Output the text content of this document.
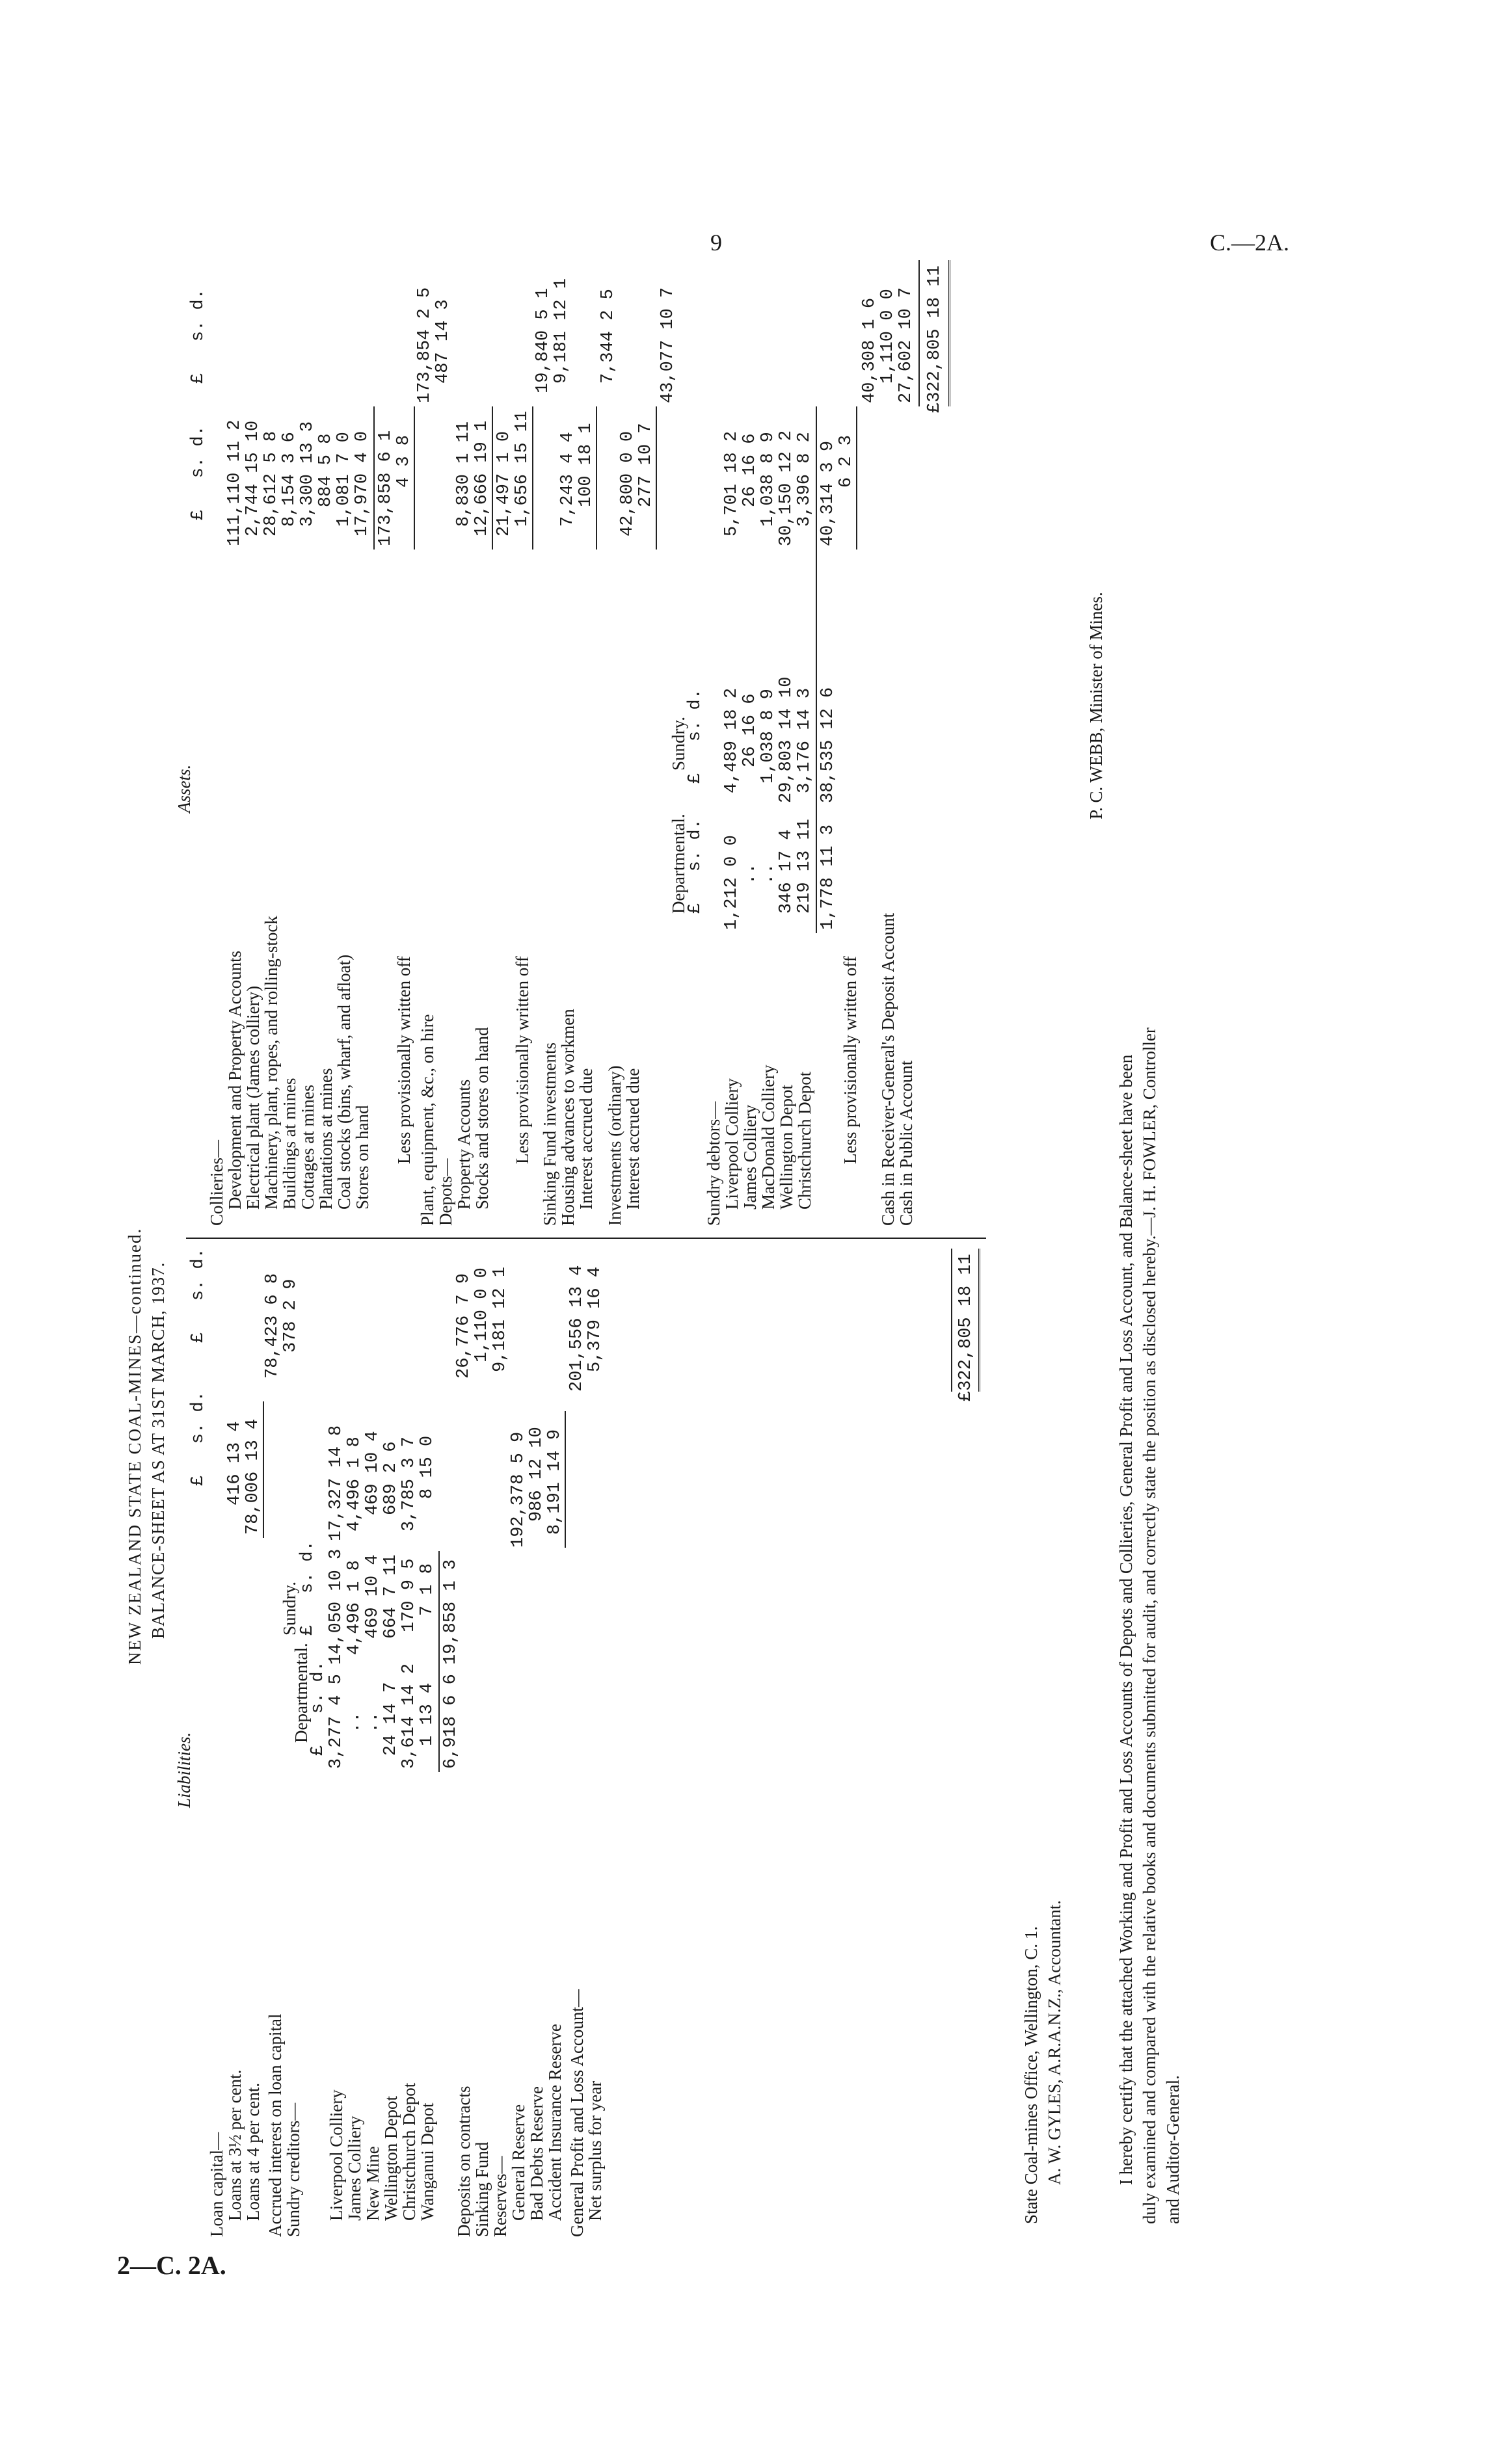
9	C.—2A.
2—C. 2A.
NEW ZEALAND STATE COAL-MINES—continued. BALANCE-SHEET AS AT 31ST MARCH, 1937.
Liabilities.
Assets.
£   s. d.
£   s. d.
Loan capital—
Loans at 3½ per cent.
416 13 4
Loans at 4 per cent.
78,006 13 4
78,423 6 8
Accrued interest on loan capital
378 2 9
Sundry creditors—
Departmental.
Sundry.
£   s. d.
£   s. d.
Liverpool Colliery
3,277 4 5
14,050 10 3
17,327 14 8
James Colliery
..
4,496 1 8
4,496 1 8
New Mine
..
469 10 4
469 10 4
Wellington Depot
24 14 7
664 7 11
689 2 6
Christchurch Depot
3,614 14 2
170 9 5
3,785 3 7
Wanganui Depot
1 13 4
7 1 8
8 15 0
6,918 6 6
19,858 1 3
26,776 7 9
Deposits on contracts
1,110 0 0
Sinking Fund
9,181 12 1
Reserves—
General Reserve
192,378 5 9
Bad Debts Reserve
986 12 10
Accident Insurance Reserve
8,191 14 9
201,556 13 4
General Profit and Loss Account—
Net surplus for year
5,379 16 4	£322,805 18 11
£   s. d.
£   s. d.
Collieries—
Development and Property Accounts
111,110 11 2
Electrical plant (James colliery)
2,744 15 10
Machinery, plant, ropes, and rolling-stock
28,612 5 8
Buildings at mines
8,154 3 6
Cottages at mines
3,300 13 3
Plantations at mines
884 5 8
Coal stocks (bins, wharf, and afloat)
1,081 7 0
Stores on hand
17,970 4 0 173,858 6 1
Less provisionally written off
4 3 8
173,854 2 5
Plant, equipment, &c., on hire
487 14 3
Depots—
Property Accounts
8,830 1 11
Stocks and stores on hand
12,666 19 1 21,497 1 0
Less provisionally written off
1,656 15 11
19,840 5 1
Sinking Fund investments
9,181 12 1
Housing advances to workmen
7,243 4 4
Interest accrued due
100 18 1
7,344 2 5
Investments (ordinary)
42,800 0 0
Interest accrued due
277 10 7
43,077 10 7
Departmental.
Sundry.
£   s. d.
£   s. d.
Sundry debtors—
Liverpool Colliery
1,212 0 0
4,489 18 2
5,701 18 2
James Colliery
..
26 16 6
26 16 6
MacDonald Colliery
..
1,038 8 9
1,038 8 9
Wellington Depot
346 17 4
29,803 14 10
30,150 12 2
Christchurch Depot
219 13 11
3,176 14 3
3,396 8 2
1,778 11 3
38,535 12 6
40,314 3 9
Less provisionally written off
6 2 3
40,308 1 6
Cash in Receiver-General's Deposit Account
1,110 0 0
Cash in Public Account
27,602 10 7 £322,805 18 11
State Coal-mines Office, Wellington, C. 1. A. W. GYLES, A.R.A.N.Z., Accountant.
P. C. WEBB, Minister of Mines.
I hereby certify that the attached Working and Profit and Loss Accounts of Depots and Collieries, General Profit and Loss Account, and Balance-sheet have been duly examined and compared with the relative books and documents submitted for audit, and correctly state the position as disclosed hereby.—J. H. FOWLER, Controller and Auditor-General.
